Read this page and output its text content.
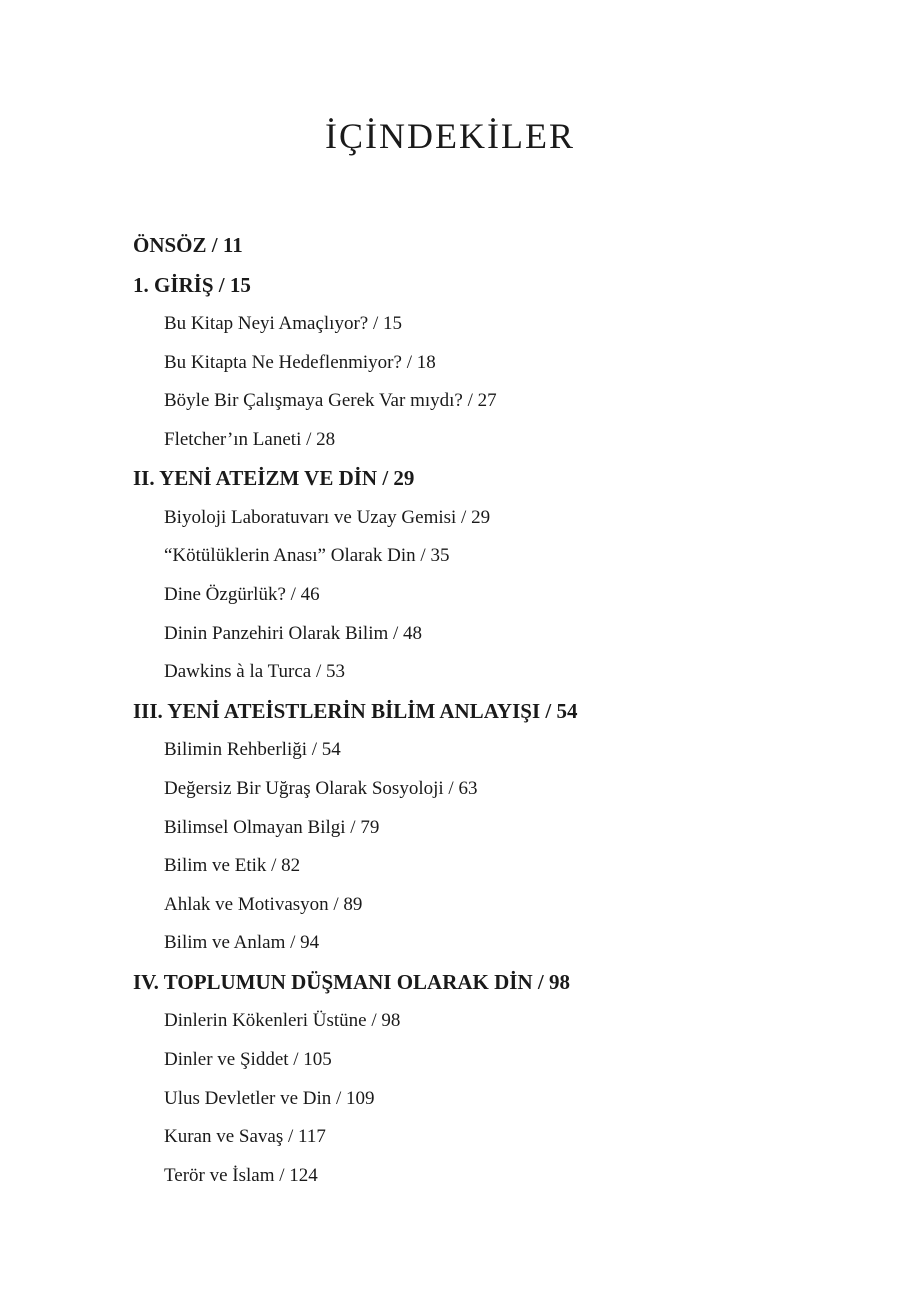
İÇİNDEKİLER
ÖNSÖZ / 11
1. GİRİŞ / 15
Bu Kitap Neyi Amaçlıyor? / 15
Bu Kitapta Ne Hedeflenmiyor? / 18
Böyle Bir Çalışmaya Gerek Var mıydı? / 27
Fletcher’ın Laneti / 28
II. YENİ ATEİZM VE DİN / 29
Biyoloji Laboratuvarı ve Uzay Gemisi / 29
“Kötülüklerin Anası” Olarak Din / 35
Dine Özgürlük? / 46
Dinin Panzehiri Olarak Bilim / 48
Dawkins à la Turca / 53
III. YENİ ATEİSTLERİN BİLİM ANLAYIŞI / 54
Bilimin Rehberliği / 54
Değersiz Bir Uğraş Olarak Sosyoloji / 63
Bilimsel Olmayan Bilgi / 79
Bilim ve Etik / 82
Ahlak ve Motivasyon / 89
Bilim ve Anlam / 94
IV. TOPLUMUN DÜŞMANI OLARAK DİN / 98
Dinlerin Kökenleri Üstüne / 98
Dinler ve Şiddet / 105
Ulus Devletler ve Din / 109
Kuran ve Savaş / 117
Terör ve İslam / 124
